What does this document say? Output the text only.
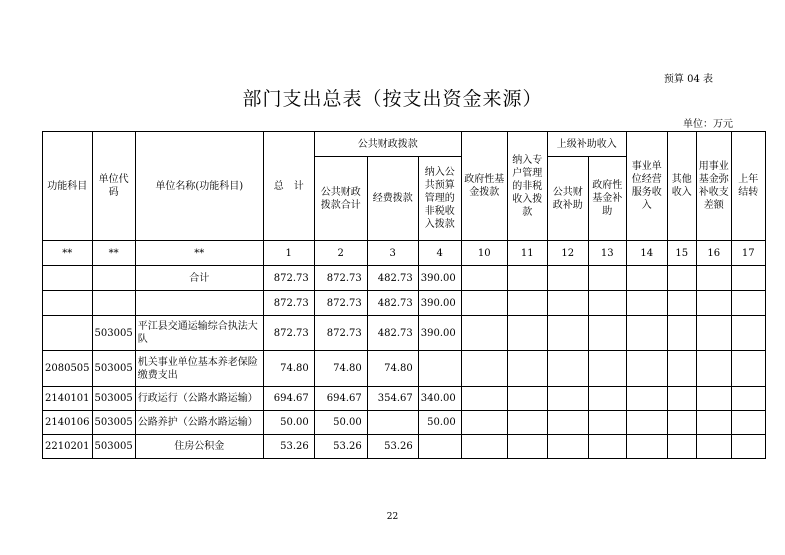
预算 04 表
部门支出总表（按支出资金来源）
单位：万元
功能科目	单位代码	单位名称(功能科目)	总　计	公共财政拨款			政府性基金拨款	纳入专户管理的非税收入拨款	上级补助收入		事业单位经营服务收入	其他收入	用事业基金弥补收支差额	上年结转
				公共财政拨款合计	经费拨款	纳入公共预算管理的非税收入拨款			公共财政补助	政府性基金补助				
**	**	**	1	2	3	4	10	11	12	13	14	15	16	17
		合计	872.73	872.73	482.73	390.00								
			872.73	872.73	482.73	390.00								
	503005	平江县交通运输综合执法大队	872.73	872.73	482.73	390.00								
2080505	503005	机关事业单位基本养老保险缴费支出	74.80	74.80	74.80									
2140101	503005	行政运行（公路水路运输）	694.67	694.67	354.67	340.00								
2140106	503005	公路养护（公路水路运输）	50.00	50.00		50.00								
2210201	503005	住房公积金	53.26	53.26	53.26									
22
